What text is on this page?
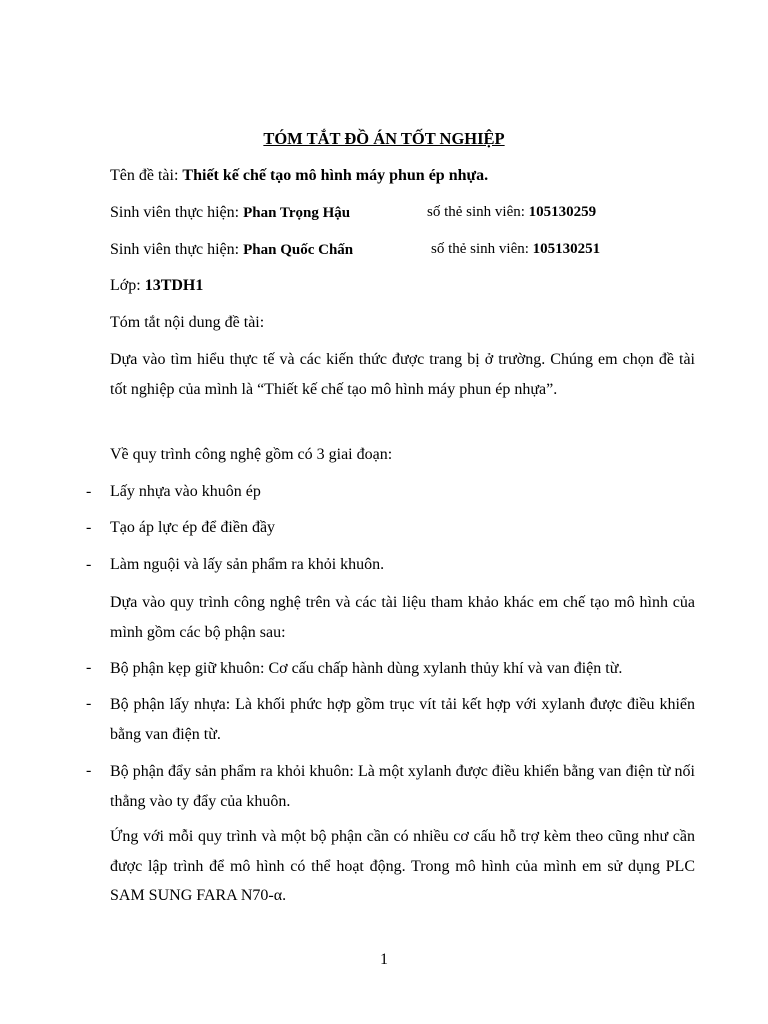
TÓM TẮT ĐỒ ÁN TỐT NGHIỆP
Tên đề tài: Thiết kế chế tạo mô hình máy phun ép nhựa.
Sinh viên thực hiện: Phan Trọng Hậu	số thẻ sinh viên: 105130259
Sinh viên thực hiện: Phan Quốc Chấn	số thẻ sinh viên: 105130251
Lớp: 13TDH1
Tóm tắt nội dung đề tài:
Dựa vào tìm hiểu thực tế và các kiến thức được trang bị ở trường. Chúng em chọn đề tài tốt nghiệp của mình là “Thiết kế chế tạo mô hình máy phun ép nhựa”.
Về quy trình công nghệ gồm có 3 giai đoạn:
- Lấy nhựa vào khuôn ép
- Tạo áp lực ép để điền đầy
- Làm nguội và lấy sản phẩm ra khỏi khuôn.
Dựa vào quy trình công nghệ trên và các tài liệu tham khảo khác em chế tạo mô hình của mình gồm các bộ phận sau:
- Bộ phận kẹp giữ khuôn: Cơ cấu chấp hành dùng xylanh thủy khí và van điện từ.
- Bộ phận lấy nhựa: Là khối phức hợp gồm trục vít tải kết hợp với xylanh được điều khiển bằng van điện từ.
- Bộ phận đẩy sản phẩm ra khỏi khuôn: Là một xylanh được điều khiển bằng van điện từ nối thẳng vào ty đẩy của khuôn.
Ứng với mỗi quy trình và một bộ phận cần có nhiều cơ cấu hỗ trợ kèm theo cũng như cần được lập trình để mô hình có thể hoạt động. Trong mô hình của mình em sử dụng PLC SAM SUNG FARA N70-α.
1
